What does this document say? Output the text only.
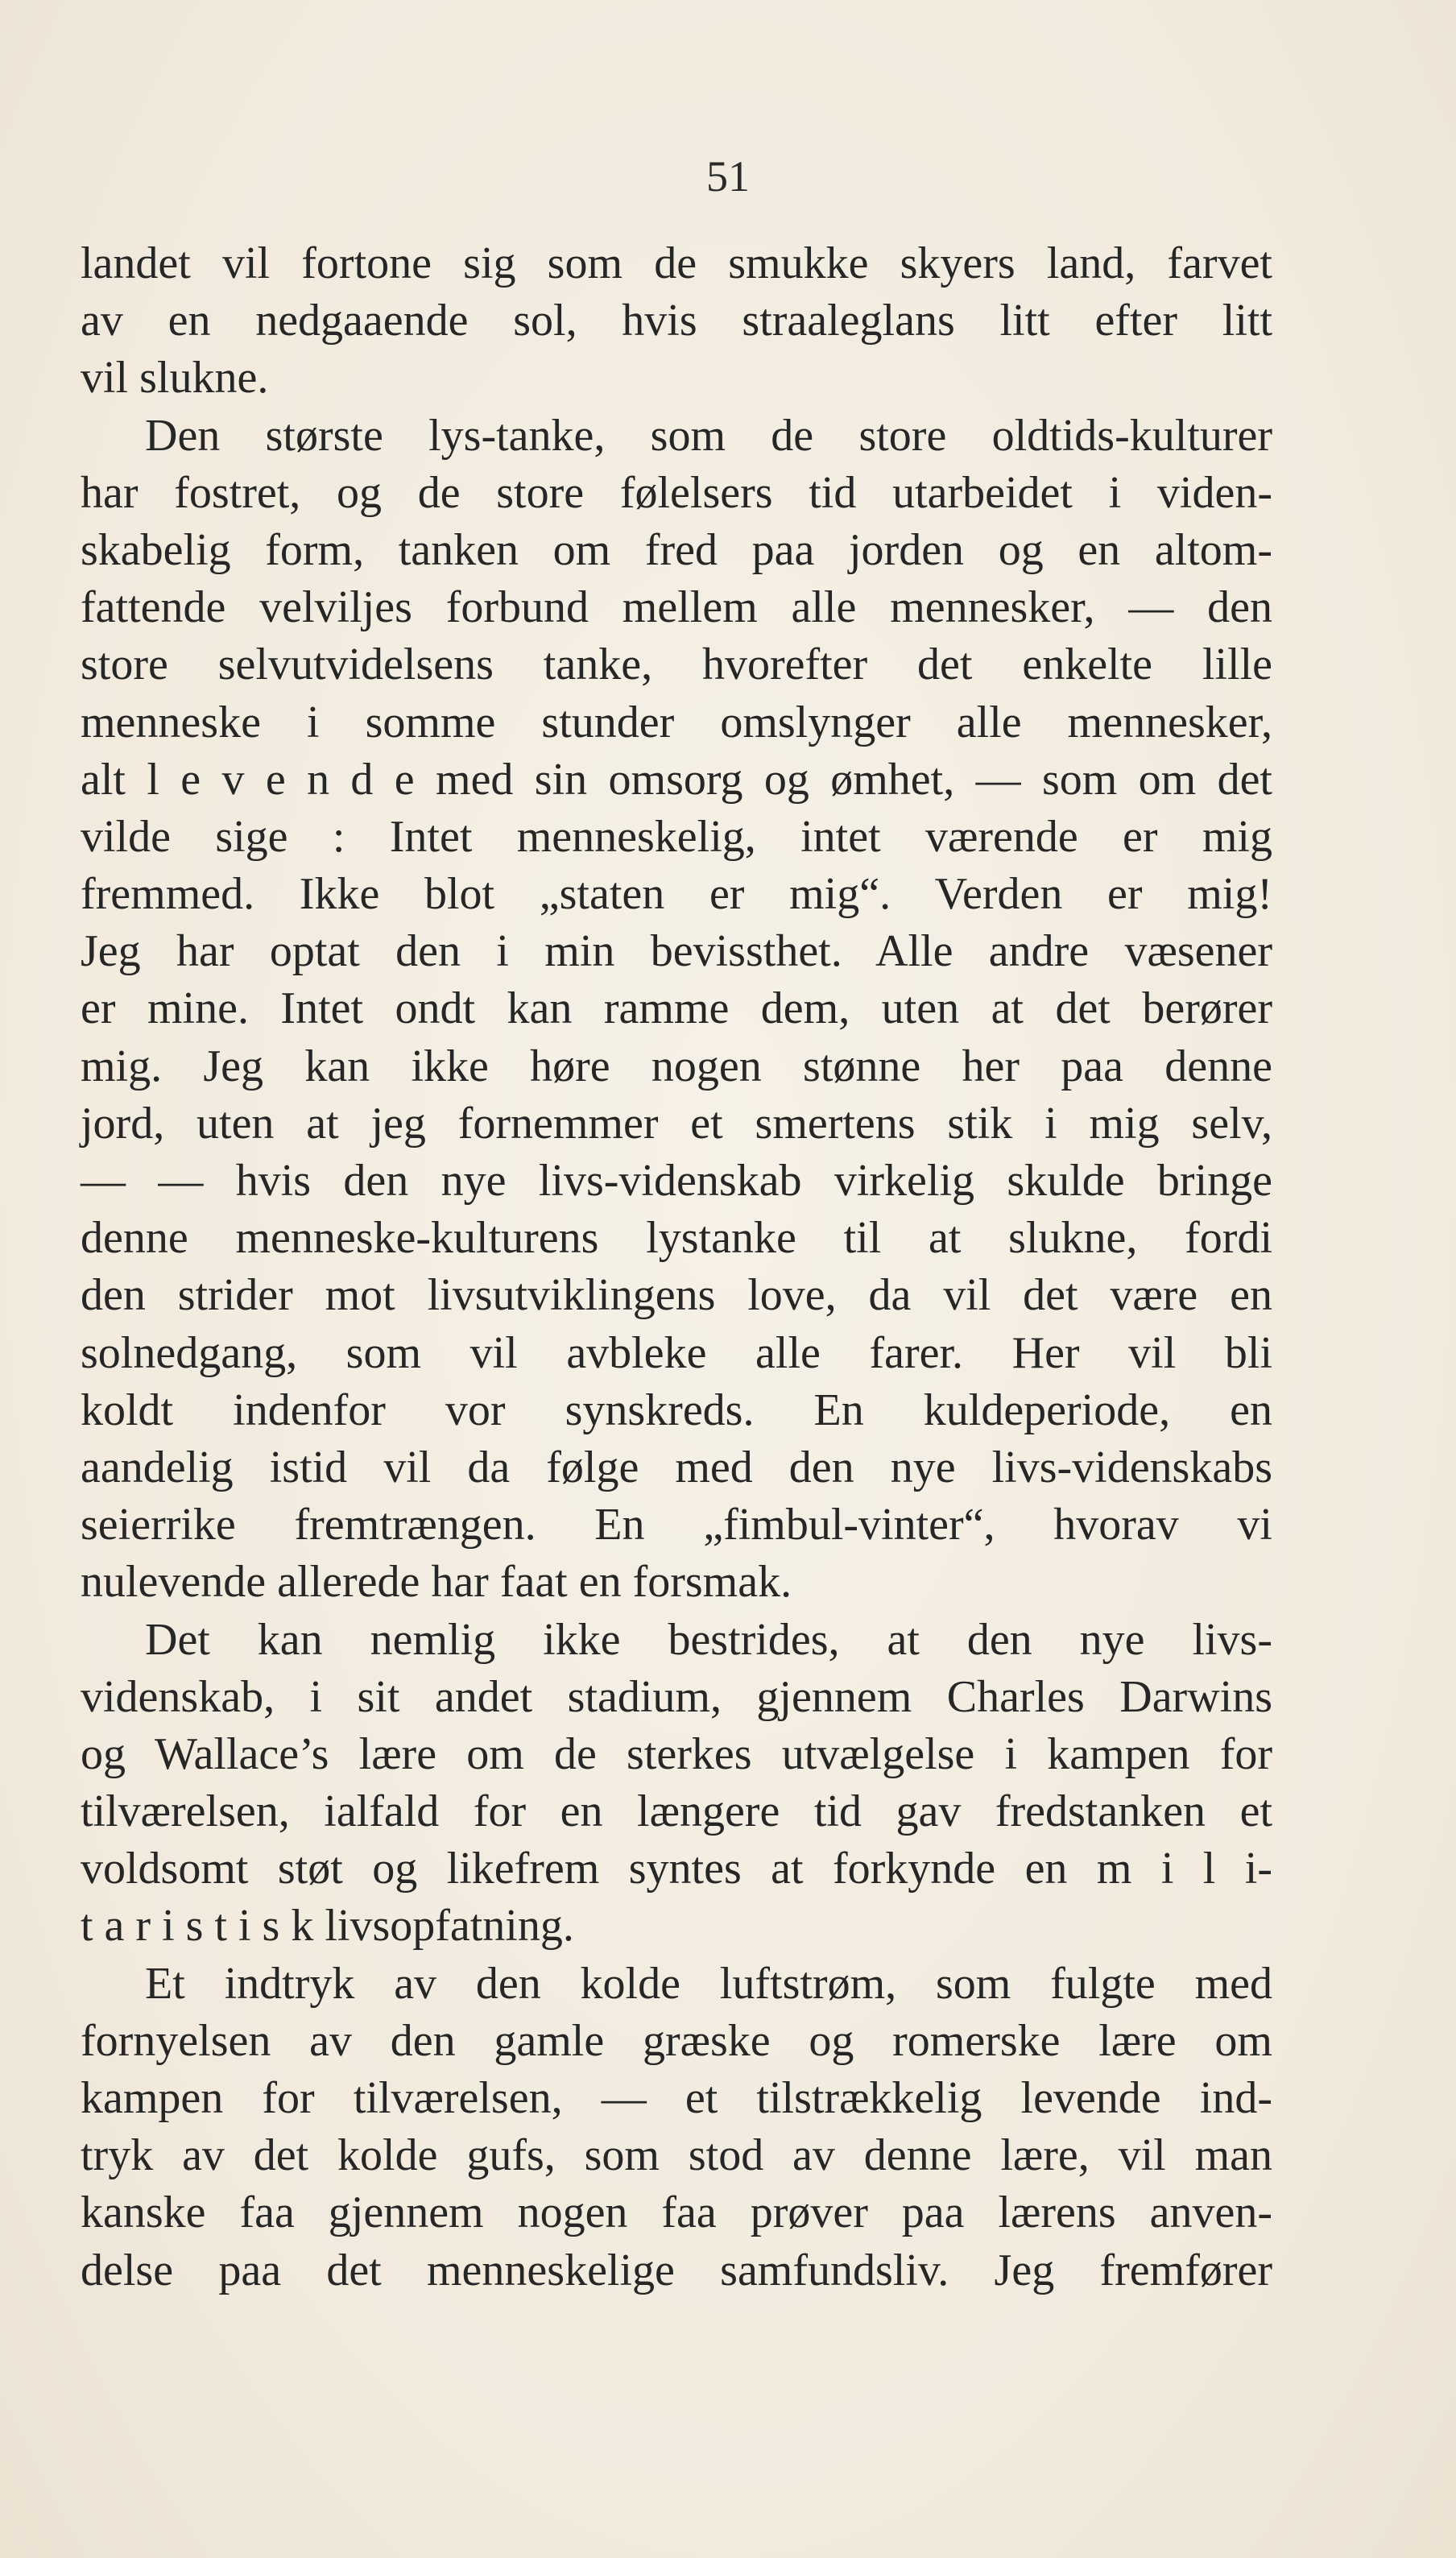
51
landet vil fortone sig som de smukke skyers land, farvet
av en nedgaaende sol, hvis straaleglans litt efter litt
vil slukne.
Den største lys-tanke, som de store oldtids-kulturer
har fostret, og de store følelsers tid utarbeidet i viden-
skabelig form, tanken om fred paa jorden og en altom-
fattende velviljes forbund mellem alle mennesker, — den
store selvutvidelsens tanke, hvorefter det enkelte lille
menneske i somme stunder omslynger alle mennesker,
alt l e v e n d e med sin omsorg og ømhet, — som om det
vilde sige : Intet menneskelig, intet værende er mig
fremmed. Ikke blot „staten er mig“. Verden er mig!
Jeg har optat den i min bevissthet. Alle andre væsener
er mine. Intet ondt kan ramme dem, uten at det berører
mig. Jeg kan ikke høre nogen stønne her paa denne
jord, uten at jeg fornemmer et smertens stik i mig selv,
— — hvis den nye livs-videnskab virkelig skulde bringe
denne menneske-kulturens lystanke til at slukne, fordi
den strider mot livsutviklingens love, da vil det være en
solnedgang, som vil avbleke alle farer. Her vil bli
koldt indenfor vor synskreds. En kuldeperiode, en
aandelig istid vil da følge med den nye livs-videnskabs
seierrike fremtrængen. En „fimbul-vinter“, hvorav vi
nulevende allerede har faat en forsmak.
Det kan nemlig ikke bestrides, at den nye livs-
videnskab, i sit andet stadium, gjennem Charles Darwins
og Wallace’s lære om de sterkes utvælgelse i kampen for
tilværelsen, ialfald for en længere tid gav fredstanken et
voldsomt støt og likefrem syntes at forkynde en m i l i-
t a r i s t i s k livsopfatning.
Et indtryk av den kolde luftstrøm, som fulgte med
fornyelsen av den gamle græske og romerske lære om
kampen for tilværelsen, — et tilstrækkelig levende ind-
tryk av det kolde gufs, som stod av denne lære, vil man
kanske faa gjennem nogen faa prøver paa lærens anven-
delse paa det menneskelige samfundsliv. Jeg fremfører
